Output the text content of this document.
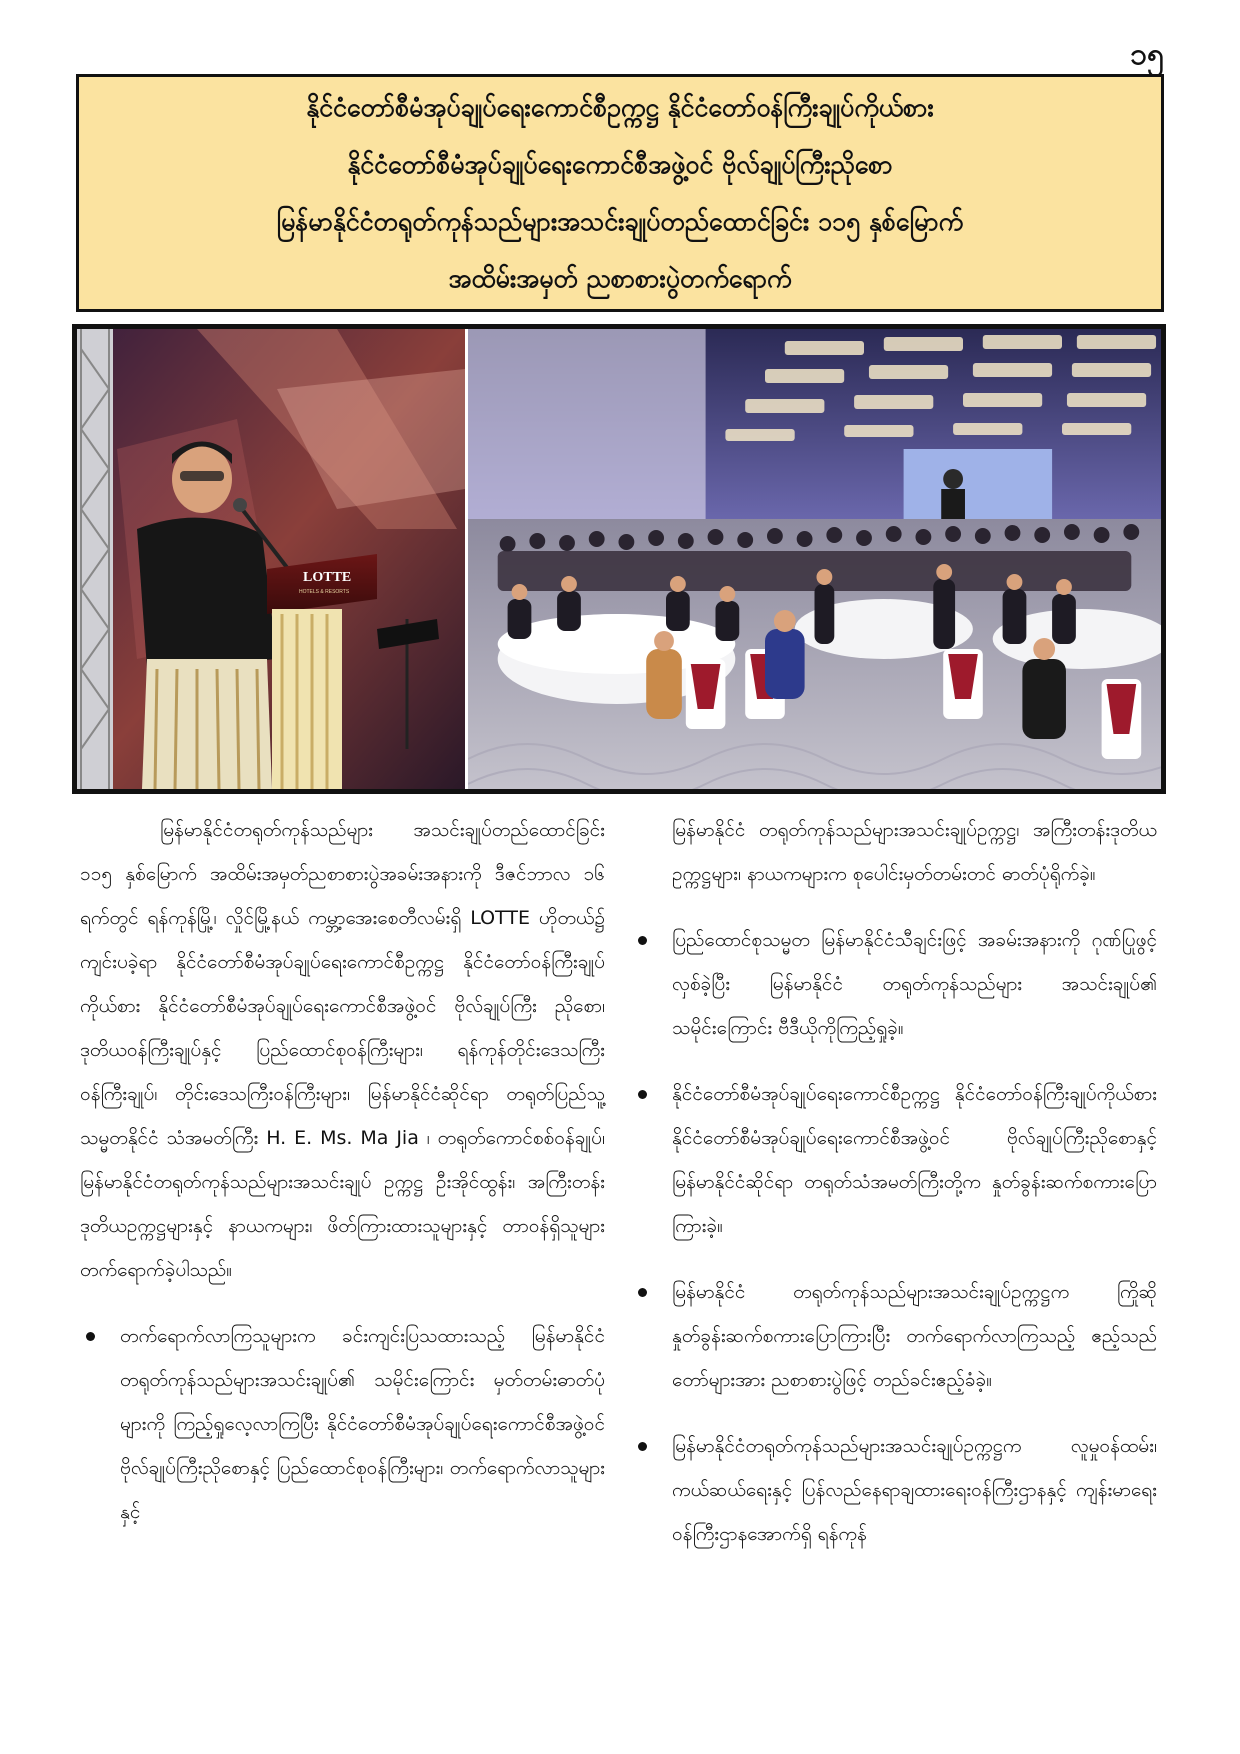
၁၅
နိုင်ငံတော်စီမံအုပ်ချုပ်ရေးကောင်စီဥက္ကဋ္ဌ နိုင်ငံတော်ဝန်ကြီးချုပ်ကိုယ်စား
နိုင်ငံတော်စီမံအုပ်ချုပ်ရေးကောင်စီအဖွဲ့ဝင် ဗိုလ်ချုပ်ကြီးညိုစော
မြန်မာနိုင်ငံတရုတ်ကုန်သည်များအသင်းချုပ်တည်ထောင်ခြင်း ၁၁၅ နှစ်မြောက်
အထိမ်းအမှတ် ညစာစားပွဲတက်ရောက်
LOTTE
HOTELS & RESORTS

မြန်မာနိုင်ငံတရုတ်ကုန်သည်များ အသင်းချုပ်တည်ထောင်ခြင်း ၁၁၅ နှစ်မြောက် အထိမ်းအမှတ်ညစာစားပွဲအခမ်းအနားကို ဒီဇင်ဘာလ ၁၆ ရက်တွင် ရန်ကုန်မြို့၊ လှိုင်မြို့နယ် ကမ္ဘာ့အေးစေတီလမ်းရှိ LOTTE ဟိုတယ်၌ ကျင်းပခဲ့ရာ နိုင်ငံတော်စီမံအုပ်ချုပ်ရေးကောင်စီဥက္ကဋ္ဌ နိုင်ငံတော်ဝန်ကြီးချုပ်ကိုယ်စား နိုင်ငံတော်စီမံအုပ်ချုပ်ရေးကောင်စီအဖွဲ့ဝင် ဗိုလ်ချုပ်ကြီး ညိုစော၊ ဒုတိယဝန်ကြီးချုပ်နှင့် ပြည်ထောင်စုဝန်ကြီးများ၊ ရန်ကုန်တိုင်းဒေသကြီးဝန်ကြီးချုပ်၊ တိုင်းဒေသကြီးဝန်ကြီးများ၊ မြန်မာနိုင်ငံဆိုင်ရာ တရုတ်ပြည်သူ့သမ္မတနိုင်ငံ သံအမတ်ကြီး H. E. Ms. Ma Jia ၊ တရုတ်ကောင်စစ်ဝန်ချုပ်၊ မြန်မာနိုင်ငံတရုတ်ကုန်သည်များအသင်းချုပ် ဥက္ကဋ္ဌ ဦးအိုင်ထွန်း၊ အကြီးတန်း ဒုတိယဥက္ကဋ္ဌများနှင့် နာယကများ၊ ဖိတ်ကြားထားသူများနှင့် တာဝန်ရှိသူများ တက်ရောက်ခဲ့ပါသည်။

တက်ရောက်လာကြသူများက ခင်းကျင်းပြသထားသည့် မြန်မာနိုင်ငံတရုတ်ကုန်သည်များအသင်းချုပ်၏ သမိုင်းကြောင်း မှတ်တမ်းဓာတ်ပုံများကို ကြည့်ရှုလေ့လာကြပြီး နိုင်ငံတော်စီမံအုပ်ချုပ်ရေးကောင်စီအဖွဲ့ဝင် ဗိုလ်ချုပ်ကြီးညိုစောနှင့် ပြည်ထောင်စုဝန်ကြီးများ၊ တက်ရောက်လာသူများနှင့်

မြန်မာနိုင်ငံ တရုတ်ကုန်သည်များအသင်းချုပ်ဥက္ကဋ္ဌ၊ အကြီးတန်းဒုတိယဥက္ကဋ္ဌများ၊ နာယကများက စုပေါင်းမှတ်တမ်းတင် ဓာတ်ပုံရိုက်ခဲ့။

ပြည်ထောင်စုသမ္မတ မြန်မာနိုင်ငံသီချင်းဖြင့် အခမ်းအနားကို ဂုဏ်ပြုဖွင့်လှစ်ခဲ့ပြီး မြန်မာနိုင်ငံ တရုတ်ကုန်သည်များ အသင်းချုပ်၏ သမိုင်းကြောင်း ဗီဒီယိုကိုကြည့်ရှုခဲ့။
နိုင်ငံတော်စီမံအုပ်ချုပ်ရေးကောင်စီဥက္ကဋ္ဌ နိုင်ငံတော်ဝန်ကြီးချုပ်ကိုယ်စား နိုင်ငံတော်စီမံအုပ်ချုပ်ရေးကောင်စီအဖွဲ့ဝင် ဗိုလ်ချုပ်ကြီးညိုစောနှင့် မြန်မာနိုင်ငံဆိုင်ရာ တရုတ်သံအမတ်ကြီးတို့က နှုတ်ခွန်းဆက်စကားပြောကြားခဲ့။
မြန်မာနိုင်ငံ တရုတ်ကုန်သည်များအသင်းချုပ်ဥက္ကဋ္ဌက ကြိုဆိုနှုတ်ခွန်းဆက်စကားပြောကြားပြီး တက်ရောက်လာကြသည့် ဧည့်သည်တော်များအား ညစာစားပွဲဖြင့် တည်ခင်းဧည့်ခံခဲ့။
မြန်မာနိုင်ငံတရုတ်ကုန်သည်များအသင်းချုပ်ဥက္ကဋ္ဌက လူမှုဝန်ထမ်း၊ ကယ်ဆယ်ရေးနှင့် ပြန်လည်နေရာချထားရေးဝန်ကြီးဌာနနှင့် ကျန်းမာရေးဝန်ကြီးဌာနအောက်ရှိ ရန်ကုန်
